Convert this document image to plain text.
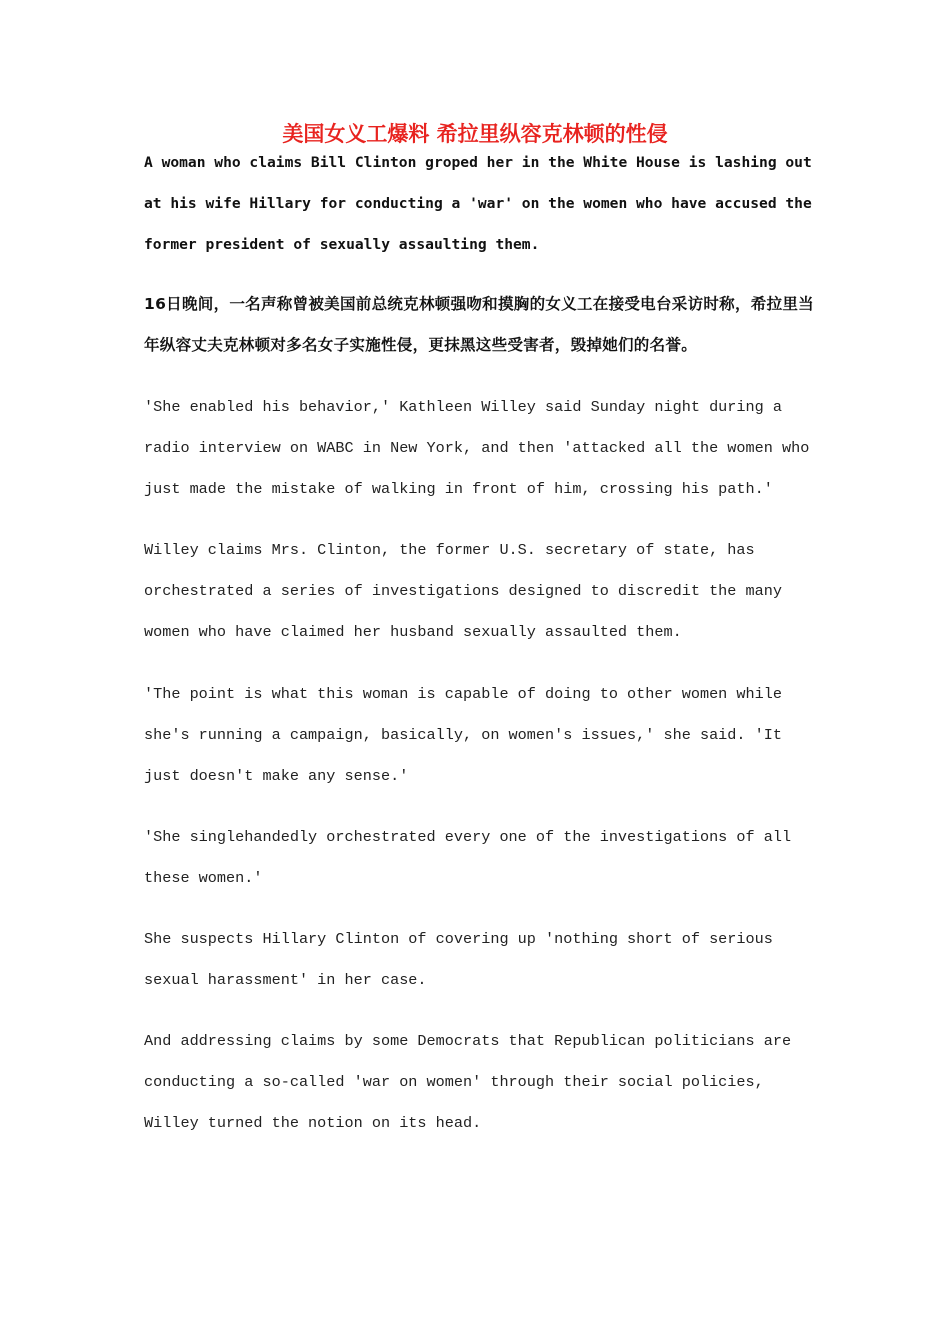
美国女义工爆料 希拉里纵容克林顿的性侵

A woman who claims Bill Clinton groped her in the White House is lashing out at his wife Hillary for conducting a 'war' on the women who have accused the former president of sexually assaulting them.

16日晚间，一名声称曾被美国前总统克林顿强吻和摸胸的女义工在接受电台采访时称，希拉里当年纵容丈夫克林顿对多名女子实施性侵，更抹黑这些受害者，毁掉她们的名誉。

'She enabled his behavior,' Kathleen Willey said Sunday night during a radio interview on WABC in New York, and then 'attacked all the women who just made the mistake of walking in front of him, crossing his path.'

Willey claims Mrs. Clinton, the former U.S. secretary of state, has orchestrated a series of investigations designed to discredit the many women who have claimed her husband sexually assaulted them.

'The point is what this woman is capable of doing to other women while she's running a campaign, basically, on women's issues,' she said. 'It just doesn't make any sense.'

'She singlehandedly orchestrated every one of the investigations of all these women.'

She suspects Hillary Clinton of covering up 'nothing short of serious sexual harassment' in her case.

And addressing claims by some Democrats that Republican politicians are conducting a so-called 'war on women' through their social policies, Willey turned the notion on its head.
